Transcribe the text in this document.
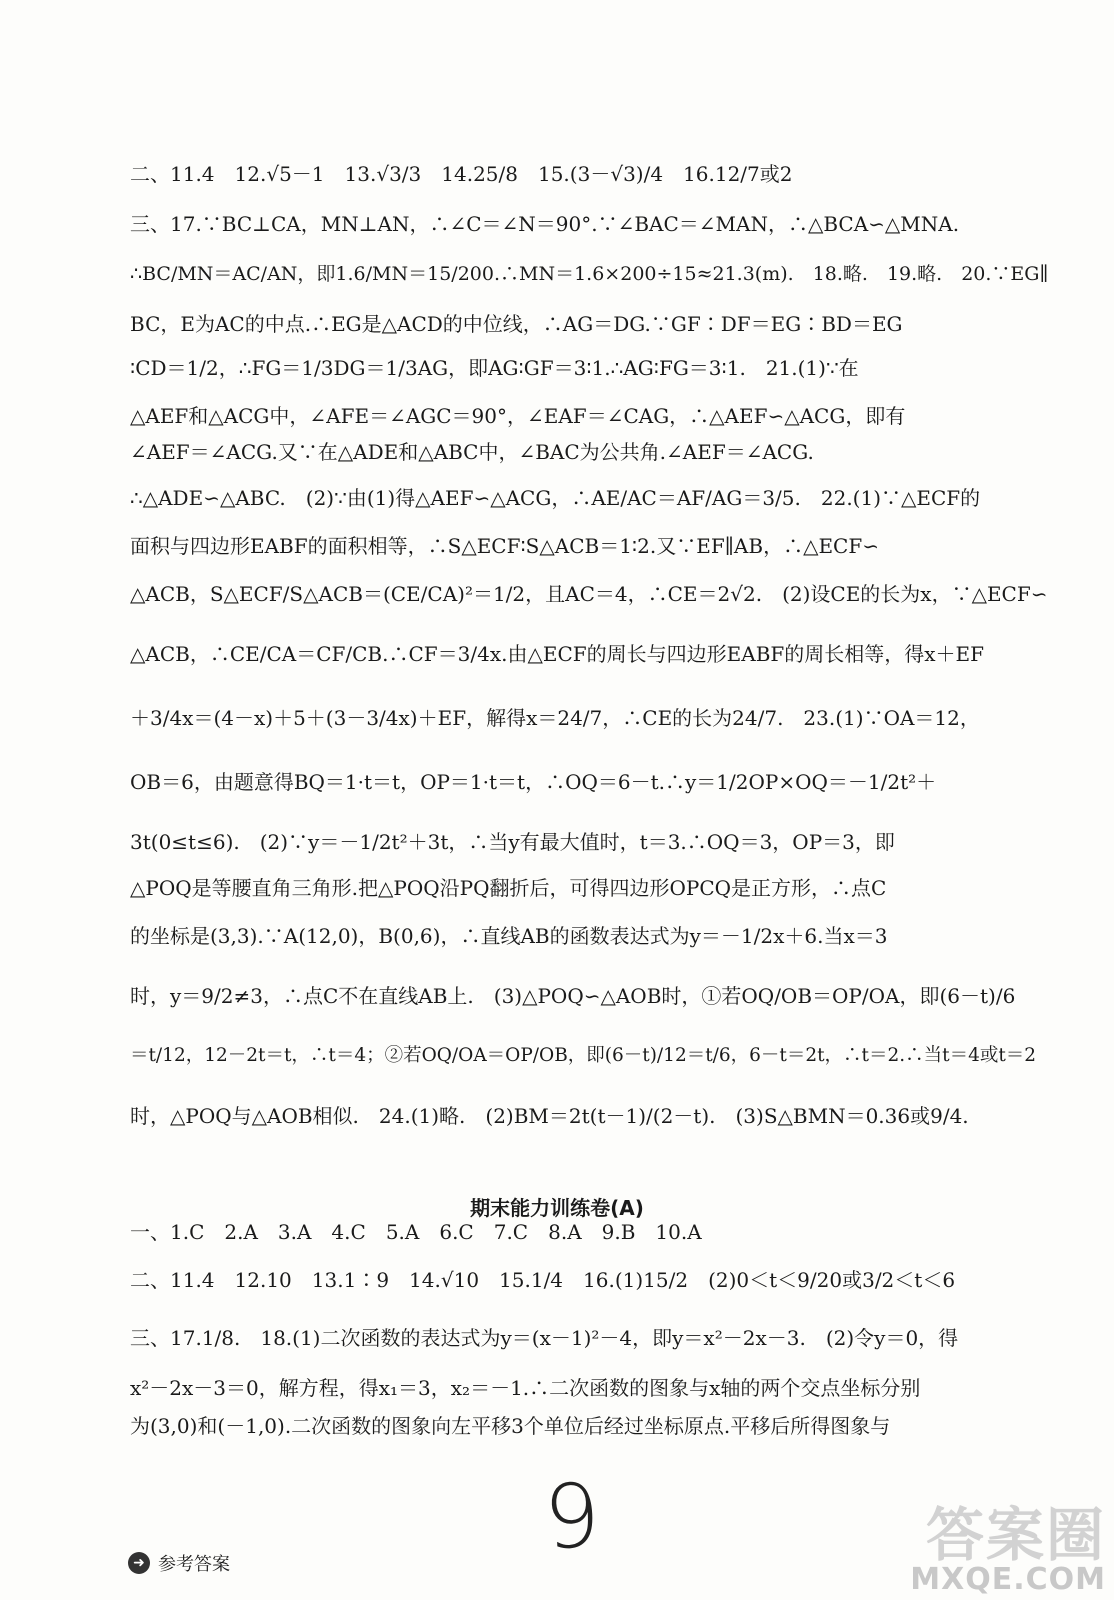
二、11.4　12.√5－1　13.√3/3　14.25/8　15.(3－√3)/4　16.12/7或2
三、17.∵BC⊥CA，MN⊥AN，∴∠C＝∠N＝90°.∵∠BAC＝∠MAN，∴△BCA∽△MNA.
∴BC/MN＝AC/AN，即1.6/MN＝15/200.∴MN＝1.6×200÷15≈21.3(m).　18.略.　19.略.　20.∵EG∥
BC，E为AC的中点.∴EG是△ACD的中位线，∴AG＝DG.∵GF∶DF＝EG∶BD＝EG
∶CD＝1/2，∴FG＝1/3DG＝1/3AG，即AG∶GF＝3∶1.∴AG∶FG＝3∶1.　21.(1)∵在
△AEF和△ACG中，∠AFE＝∠AGC＝90°，∠EAF＝∠CAG，∴△AEF∽△ACG，即有
∠AEF＝∠ACG.又∵在△ADE和△ABC中，∠BAC为公共角.∠AEF＝∠ACG.
∴△ADE∽△ABC.　(2)∵由(1)得△AEF∽△ACG，∴AE/AC＝AF/AG＝3/5.　22.(1)∵△ECF的
面积与四边形EABF的面积相等，∴S△ECF∶S△ACB＝1∶2.又∵EF∥AB，∴△ECF∽
△ACB，S△ECF/S△ACB＝(CE/CA)²＝1/2，且AC＝4，∴CE＝2√2.　(2)设CE的长为x，∵△ECF∽
△ACB，∴CE/CA＝CF/CB.∴CF＝3/4x.由△ECF的周长与四边形EABF的周长相等，得x＋EF
＋3/4x＝(4－x)＋5＋(3－3/4x)＋EF，解得x＝24/7，∴CE的长为24/7.　23.(1)∵OA＝12，
OB＝6，由题意得BQ＝1·t＝t，OP＝1·t＝t，∴OQ＝6－t.∴y＝1/2OP×OQ＝－1/2t²＋
3t(0≤t≤6).　(2)∵y＝－1/2t²＋3t，∴当y有最大值时，t＝3.∴OQ＝3，OP＝3，即
△POQ是等腰直角三角形.把△POQ沿PQ翻折后，可得四边形OPCQ是正方形，∴点C
的坐标是(3,3).∵A(12,0)，B(0,6)，∴直线AB的函数表达式为y＝－1/2x＋6.当x＝3
时，y＝9/2≠3，∴点C不在直线AB上.　(3)△POQ∽△AOB时，①若OQ/OB＝OP/OA，即(6－t)/6
＝t/12，12－2t＝t，∴t＝4；②若OQ/OA＝OP/OB，即(6－t)/12＝t/6，6－t＝2t，∴t＝2.∴当t＝4或t＝2
时，△POQ与△AOB相似.　24.(1)略.　(2)BM＝2t(t－1)/(2－t).　(3)S△BMN＝0.36或9/4.
期末能力训练卷(A)
一、1.C　2.A　3.A　4.C　5.A　6.C　7.C　8.A　9.B　10.A
二、11.4　12.10　13.1∶9　14.√10　15.1/4　16.(1)15/2　(2)0＜t＜9/20或3/2＜t＜6
三、17.1/8.　18.(1)二次函数的表达式为y＝(x－1)²－4，即y＝x²－2x－3.　(2)令y＝0，得
x²－2x－3＝0，解方程，得x₁＝3，x₂＝－1.∴二次函数的图象与x轴的两个交点坐标分别
为(3,0)和(－1,0).二次函数的图象向左平移3个单位后经过坐标原点.平移后所得图象与
9
➜ 参考答案	答案圈
MXQE.COM
